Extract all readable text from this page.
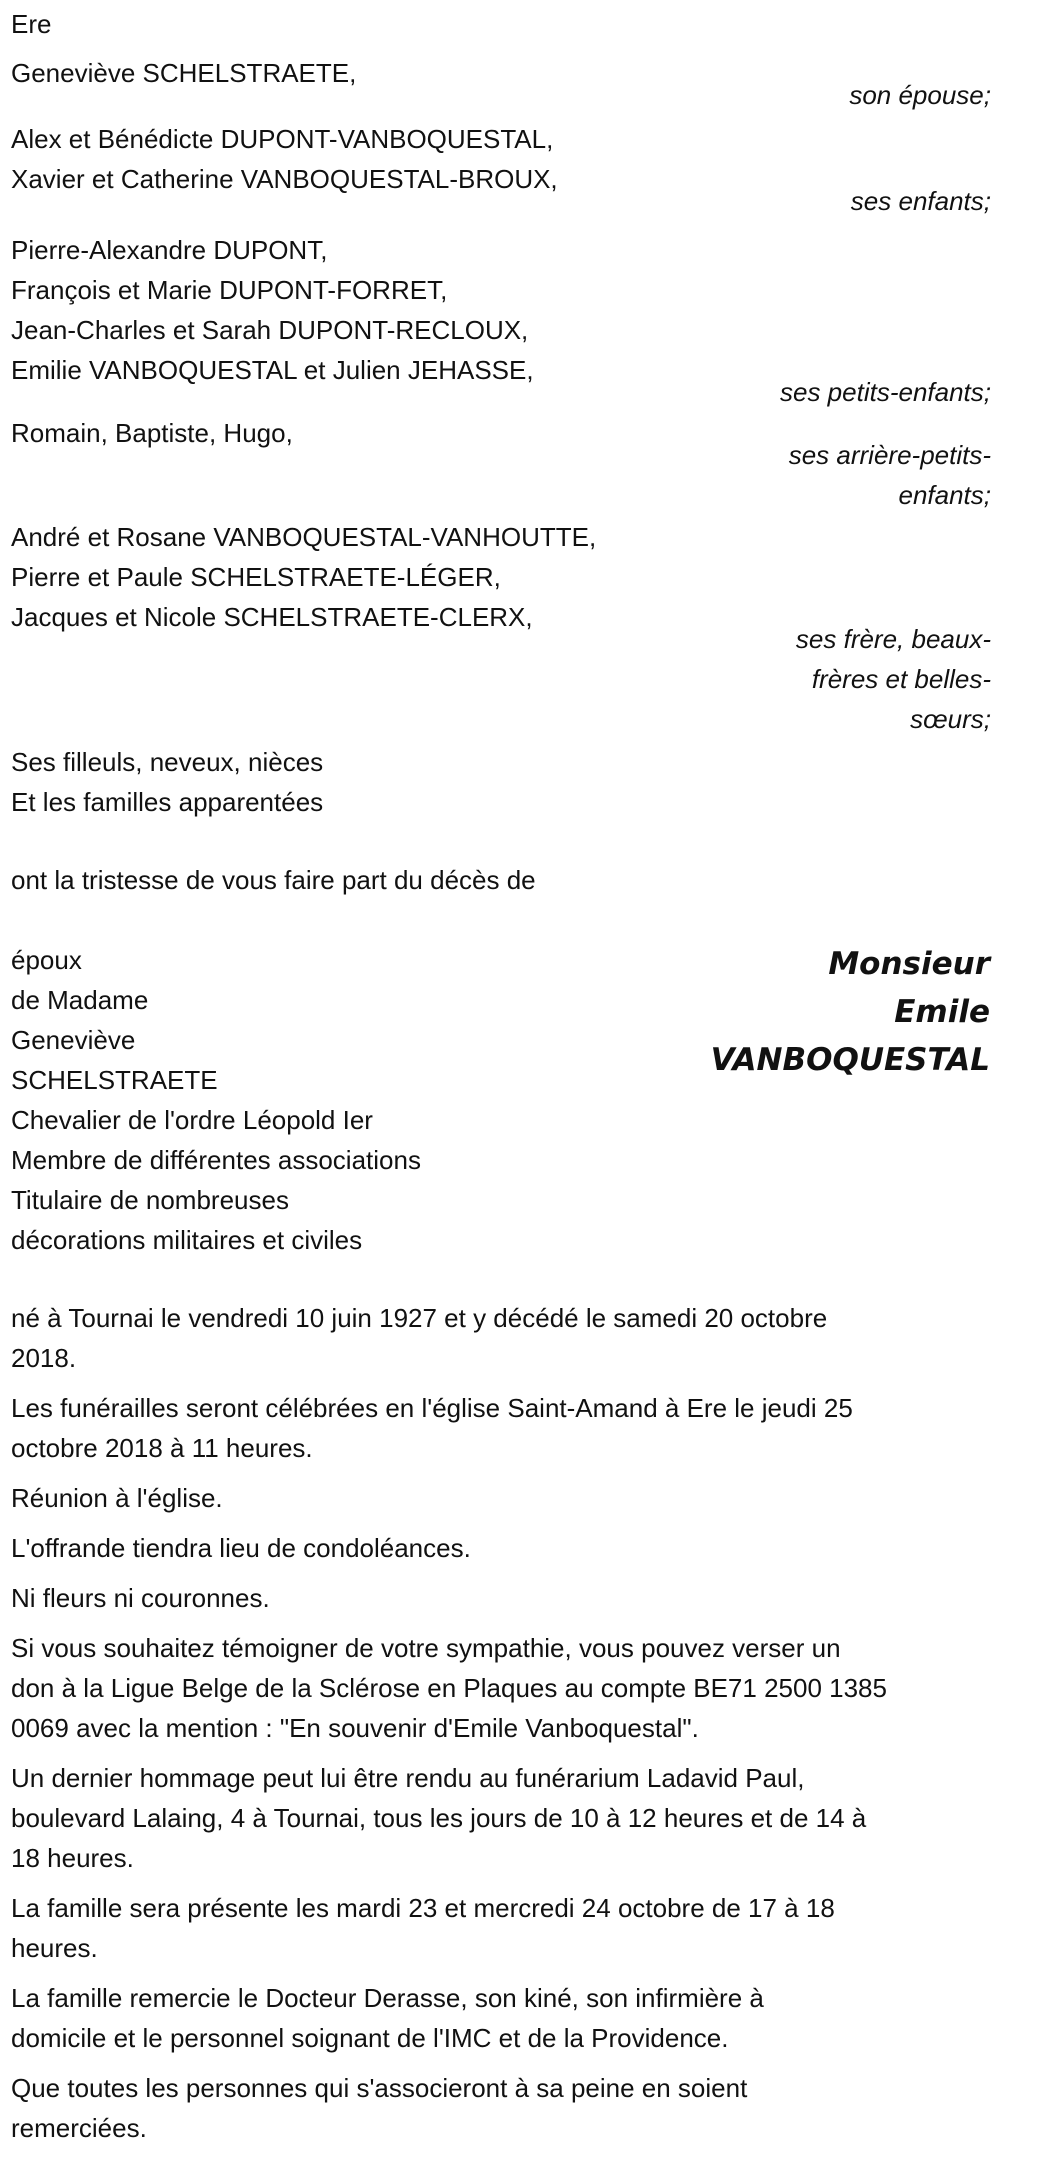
Ere
Geneviève SCHELSTRAETE,
son épouse;
Alex et Bénédicte DUPONT-VANBOQUESTAL,
Xavier et Catherine VANBOQUESTAL-BROUX,
ses enfants;
Pierre-Alexandre DUPONT,
François et Marie DUPONT-FORRET,
Jean-Charles et Sarah DUPONT-RECLOUX,
Emilie VANBOQUESTAL et Julien JEHASSE,
ses petits-enfants;
Romain, Baptiste, Hugo,
ses arrière-petits-
enfants;
André et Rosane VANBOQUESTAL-VANHOUTTE,
Pierre et Paule SCHELSTRAETE-LÉGER,
Jacques et Nicole SCHELSTRAETE-CLERX,
ses frère, beaux-
frères et belles-
sœurs;
Ses filleuls, neveux, nièces
Et les familles apparentées
ont la tristesse de vous faire part du décès de
époux
de Madame
Geneviève
SCHELSTRAETE
Chevalier de l'ordre Léopold Ier
Membre de différentes associations
Titulaire de nombreuses
décorations militaires et civiles
Monsieur
Emile
VANBOQUESTAL
né à Tournai le vendredi 10 juin 1927 et y décédé le samedi 20 octobre
2018.
Les funérailles seront célébrées en l'église Saint-Amand à Ere le jeudi 25
octobre 2018 à 11 heures.
Réunion à l'église.
L'offrande tiendra lieu de condoléances.
Ni fleurs ni couronnes.
Si vous souhaitez témoigner de votre sympathie, vous pouvez verser un
don à la Ligue Belge de la Sclérose en Plaques au compte BE71 2500 1385
0069 avec la mention : "En souvenir d'Emile Vanboquestal".
Un dernier hommage peut lui être rendu au funérarium Ladavid Paul,
boulevard Lalaing, 4 à Tournai, tous les jours de 10 à 12 heures et de 14 à
18 heures.
La famille sera présente les mardi 23 et mercredi 24 octobre de 17 à 18
heures.
La famille remercie le Docteur Derasse, son kiné, son infirmière à
domicile et le personnel soignant de l'IMC et de la Providence.
Que toutes les personnes qui s'associeront à sa peine en soient
remerciées.
